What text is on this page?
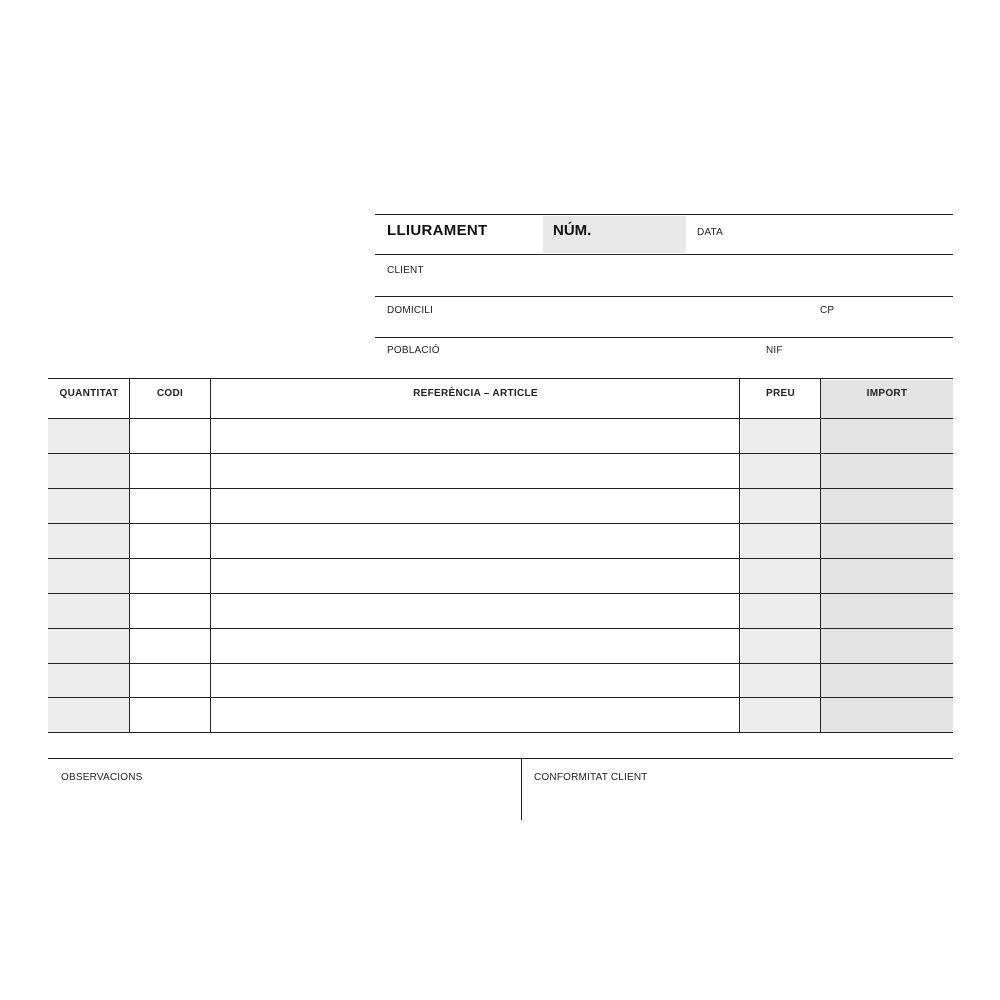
LLIURAMENT	NÚM.	DATA
CLIENT
DOMICILI	CP
POBLACIÓ	NIF
QUANTITAT	CODI	REFERÈNCIA – ARTICLE	PREU	IMPORT
OBSERVACIONS	CONFORMITAT CLIENT
